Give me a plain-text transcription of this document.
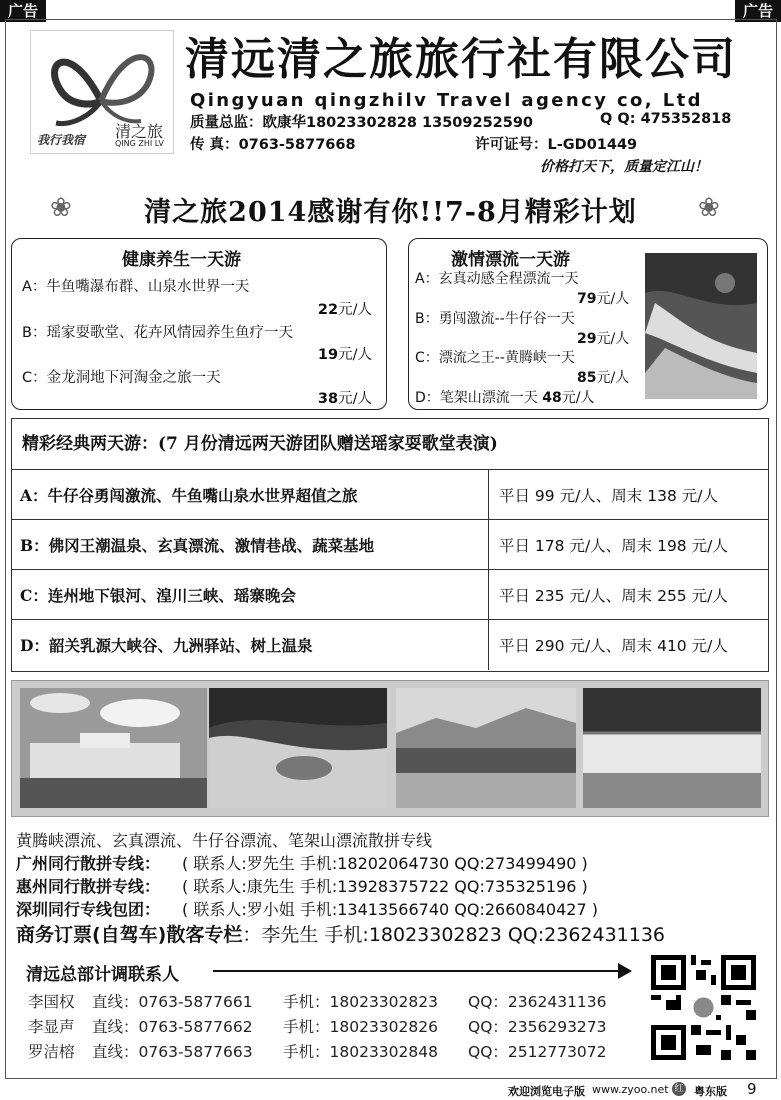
广告	广告
我行我宿 清之旅
QING ZHI LV
清远清之旅旅行社有限公司
Qingyuan qingzhilv Travel agency co, Ltd
质量总监：欧康华18023302828 13509252590	Q Q: 475352818
传 真：0763-5877668	许可证号：L-GD01449
价格打天下，质量定江山！
❀	清之旅2014感谢有你!!7-8月精彩计划	❀
健康养生一天游
A：牛鱼嘴瀑布群、山泉水世界一天
22元/人
B：瑶家耍歌堂、花卉风情园养生鱼疗一天
19元/人
C：金龙洞地下河淘金之旅一天
38元/人
激情漂流一天游
A：玄真动感全程漂流一天
79元/人
B：勇闯激流--牛仔谷一天
29元/人
C：漂流之王--黄腾峡一天
85元/人
D：笔架山漂流一天 48元/人
精彩经典两天游：(7 月份清远两天游团队赠送瑶家耍歌堂表演)
A：牛仔谷勇闯激流、牛鱼嘴山泉水世界超值之旅	平日 99 元/人、周末 138 元/人
B：佛冈王潮温泉、玄真漂流、激情巷战、蔬菜基地	平日 178 元/人、周末 198 元/人
C：连州地下银河、湟川三峡、瑶寨晚会	平日 235 元/人、周末 255 元/人
D：韶关乳源大峡谷、九洲驿站、树上温泉	平日 290 元/人、周末 410 元/人
黄腾峡漂流、玄真漂流、牛仔谷漂流、笔架山漂流散拼专线
广州同行散拼专线： ( 联系人:罗先生 手机:18202064730 QQ:273499490 )
惠州同行散拼专线： ( 联系人:康先生 手机:13928375722 QQ:735325196 )
深圳同行专线包团： ( 联系人:罗小姐 手机:13413566740 QQ:2660840427 )
商务订票(自驾车)散客专栏：李先生 手机:18023302823 QQ:2362431136
清远总部计调联系人
李国权 直线：0763-5877661 手机：18023302823 QQ：2362431136
李显声 直线：0763-5877662 手机：18023302826 QQ：2356293273
罗洁榕 直线：0763-5877663 手机：18023302848 QQ：2512773072
欢迎浏览电子版 www.zyoo.net 红 粤东版 9
